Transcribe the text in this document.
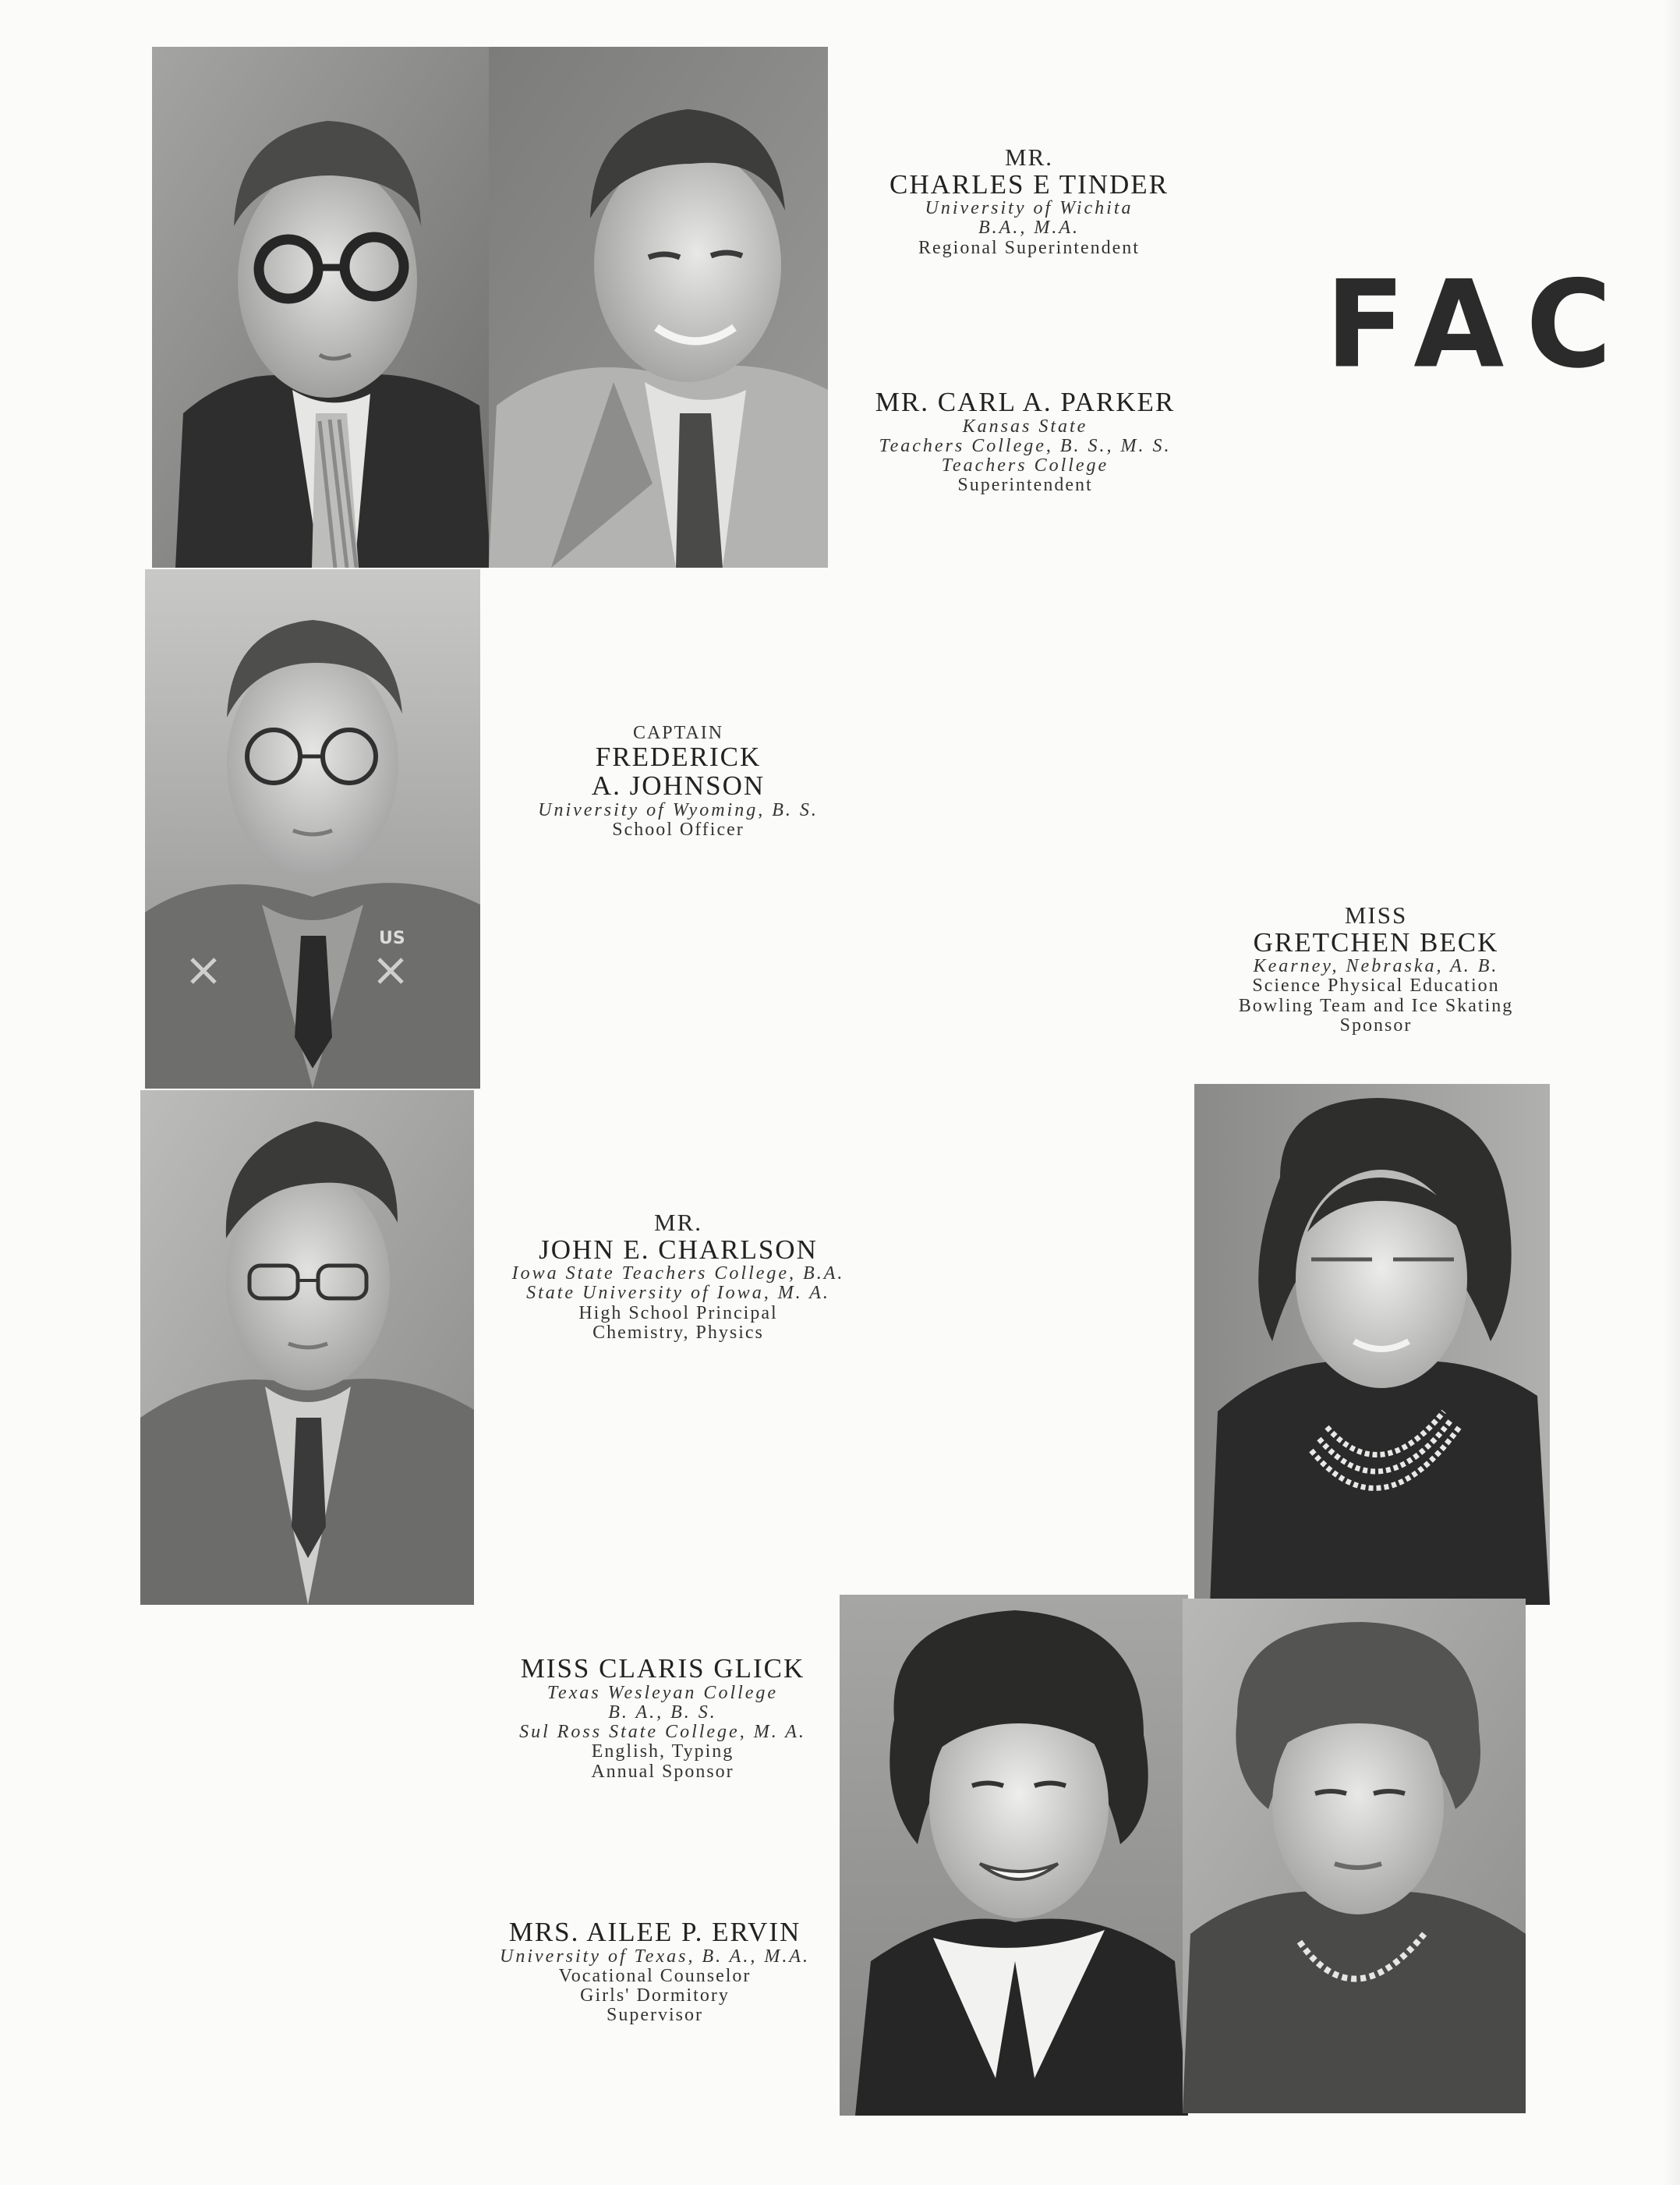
FAC
US
MR.
CHARLES E TINDER
University of Wichita
B.A., M.A.
Regional Superintendent
MR. CARL A. PARKER
Kansas State
Teachers College, B. S., M. S.
Teachers College
Superintendent
CAPTAIN
FREDERICK
A. JOHNSON
University of Wyoming, B. S.
School Officer
MISS
GRETCHEN BECK
Kearney, Nebraska, A. B.
Science Physical Education
Bowling Team and Ice Skating
Sponsor
MR.
JOHN E. CHARLSON
Iowa State Teachers College, B.A.
State University of Iowa, M. A.
High School Principal
Chemistry, Physics
MISS CLARIS GLICK
Texas Wesleyan College
B. A., B. S.
Sul Ross State College, M. A.
English, Typing
Annual Sponsor
MRS. AILEE P. ERVIN
University of Texas, B. A., M.A.
Vocational Counselor
Girls' Dormitory
Supervisor
